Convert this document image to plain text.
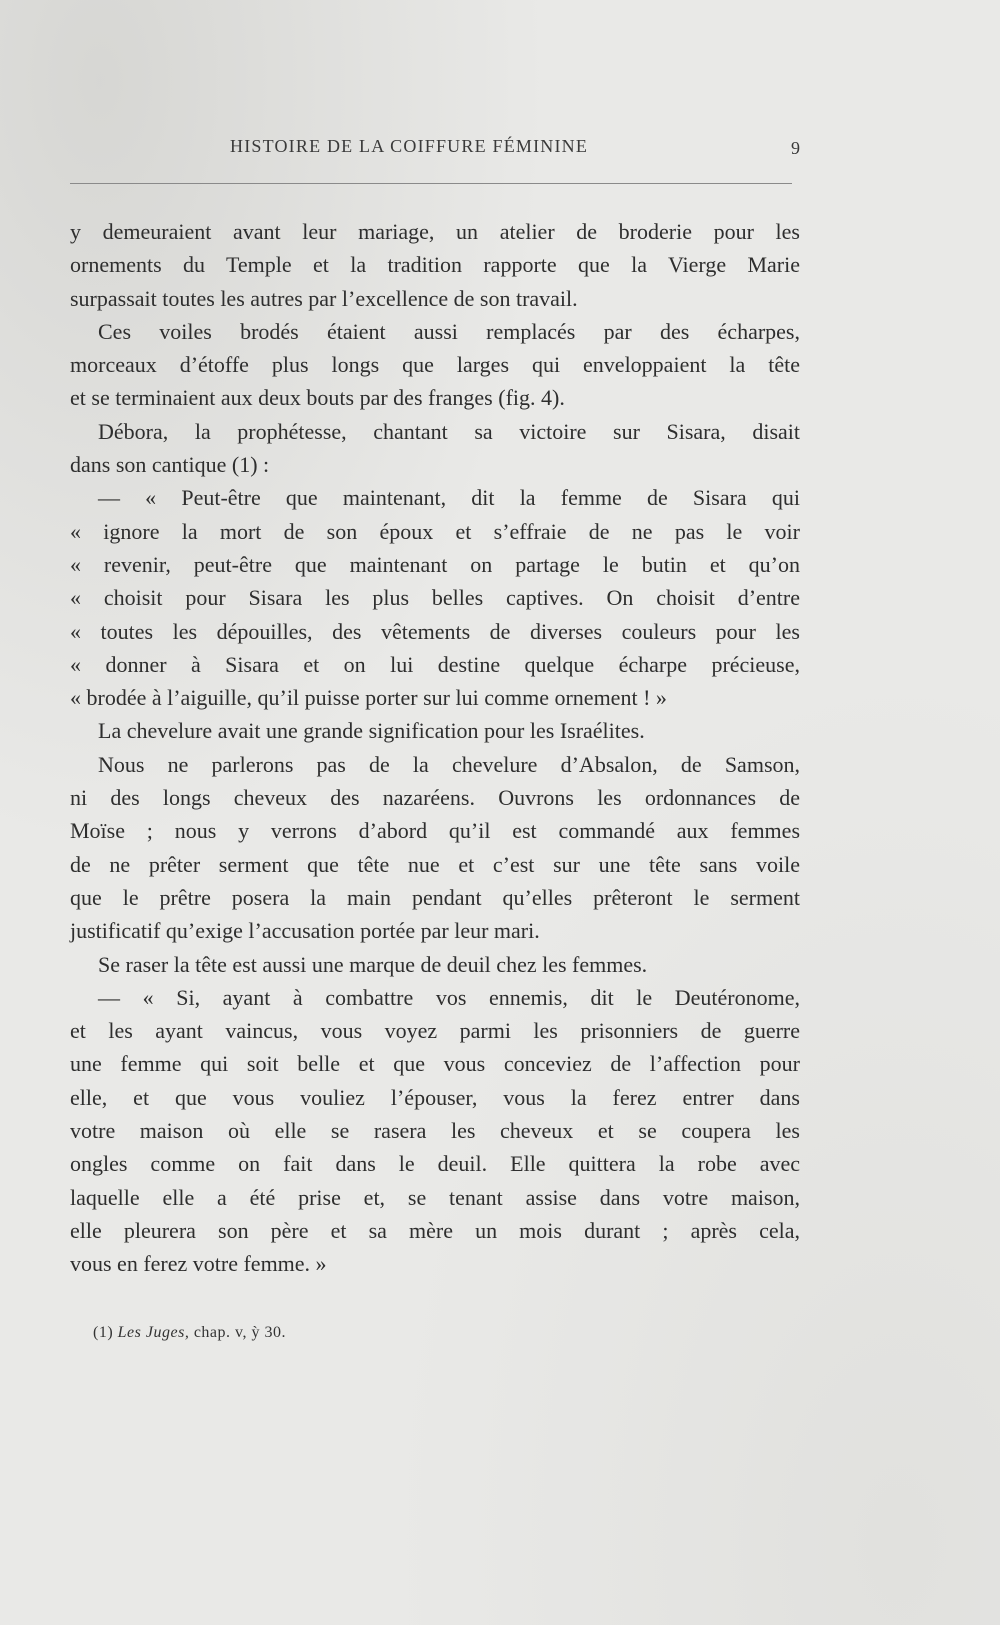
HISTOIRE DE LA COIFFURE FÉMININE	9
y demeuraient avant leur mariage, un atelier de broderie pour les
ornements du Temple et la tradition rapporte que la Vierge Marie
surpassait toutes les autres par l’excellence de son travail.
Ces voiles brodés étaient aussi remplacés par des écharpes,
morceaux d’étoffe plus longs que larges qui enveloppaient la tête
et se terminaient aux deux bouts par des franges (fig. 4).
Débora, la prophétesse, chantant sa victoire sur Sisara, disait
dans son cantique (1) :
— « Peut-être que maintenant, dit la femme de Sisara qui
« ignore la mort de son époux et s’effraie de ne pas le voir
« revenir, peut-être que maintenant on partage le butin et qu’on
« choisit pour Sisara les plus belles captives. On choisit d’entre
« toutes les dépouilles, des vêtements de diverses couleurs pour les
« donner à Sisara et on lui destine quelque écharpe précieuse,
« brodée à l’aiguille, qu’il puisse porter sur lui comme ornement ! »
La chevelure avait une grande signification pour les Israélites.
Nous ne parlerons pas de la chevelure d’Absalon, de Samson,
ni des longs cheveux des nazaréens. Ouvrons les ordonnances de
Moïse ; nous y verrons d’abord qu’il est commandé aux femmes
de ne prêter serment que tête nue et c’est sur une tête sans voile
que le prêtre posera la main pendant qu’elles prêteront le serment
justificatif qu’exige l’accusation portée par leur mari.
Se raser la tête est aussi une marque de deuil chez les femmes.
— « Si, ayant à combattre vos ennemis, dit le Deutéronome,
et les ayant vaincus, vous voyez parmi les prisonniers de guerre
une femme qui soit belle et que vous conceviez de l’affection pour
elle, et que vous vouliez l’épouser, vous la ferez entrer dans
votre maison où elle se rasera les cheveux et se coupera les
ongles comme on fait dans le deuil. Elle quittera la robe avec
laquelle elle a été prise et, se tenant assise dans votre maison,
elle pleurera son père et sa mère un mois durant ; après cela,
vous en ferez votre femme. »
(1) Les Juges, chap. v, ỳ 30.
